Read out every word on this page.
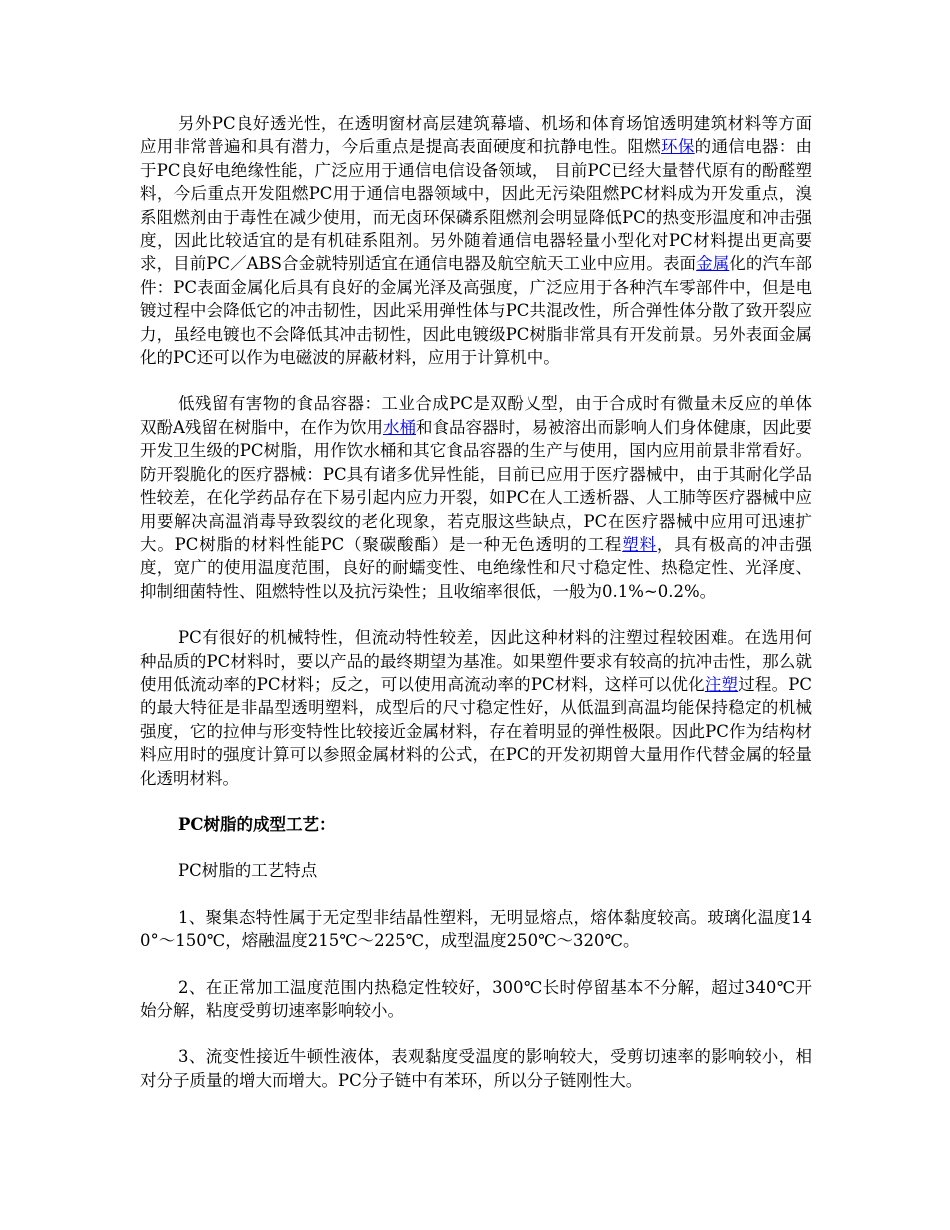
另外PC良好透光性，在透明窗材高层建筑幕墙、机场和体育场馆透明建筑材料等方面应用非常普遍和具有潜力，今后重点是提高表面硬度和抗静电性。阻燃环保的通信电器：由于PC良好电绝缘性能，广泛应用于通信电信设备领域， 目前PC已经大量替代原有的酚醛塑料，今后重点开发阻燃PC用于通信电器领域中，因此无污染阻燃PC材料成为开发重点，溴系阻燃剂由于毒性在减少使用，而无卤环保磷系阻燃剂会明显降低PC的热变形温度和冲击强度，因此比较适宜的是有机硅系阻剂。另外随着通信电器轻量小型化对PC材料提出更高要求，目前PC／ABS合金就特别适宜在通信电器及航空航天工业中应用。表面金属化的汽车部件：PC表面金属化后具有良好的金属光泽及高强度，广泛应用于各种汽车零部件中，但是电镀过程中会降低它的冲击韧性，因此采用弹性体与PC共混改性，所合弹性体分散了致开裂应力，虽经电镀也不会降低其冲击韧性，因此电镀级PC树脂非常具有开发前景。另外表面金属化的PC还可以作为电磁波的屏蔽材料，应用于计算机中。

低残留有害物的食品容器：工业合成PC是双酚乂型，由于合成时有微量未反应的单体双酚A残留在树脂中，在作为饮用水桶和食品容器时，易被溶出而影响人们身体健康，因此要开发卫生级的PC树脂，用作饮水桶和其它食品容器的生产与使用，国内应用前景非常看好。防开裂脆化的医疗器械：PC具有诸多优异性能，目前已应用于医疗器械中，由于其耐化学品性较差，在化学药品存在下易引起内应力开裂，如PC在人工透析器、人工肺等医疗器械中应用要解决高温消毒导致裂纹的老化现象，若克服这些缺点，PC在医疗器械中应用可迅速扩大。PC树脂的材料性能PC（聚碳酸酯）是一种无色透明的工程塑料，具有极高的冲击强度，宽广的使用温度范围，良好的耐蠕变性、电绝缘性和尺寸稳定性、热稳定性、光泽度、抑制细菌特性、阻燃特性以及抗污染性；且收缩率很低，一般为0.1%~0.2%。

PC有很好的机械特性，但流动特性较差，因此这种材料的注塑过程较困难。在选用何种品质的PC材料时，要以产品的最终期望为基准。如果塑件要求有较高的抗冲击性，那么就使用低流动率的PC材料；反之，可以使用高流动率的PC材料，这样可以优化注塑过程。PC的最大特征是非晶型透明塑料，成型后的尺寸稳定性好，从低温到高温均能保持稳定的机械强度，它的拉伸与形变特性比较接近金属材料，存在着明显的弹性极限。因此PC作为结构材料应用时的强度计算可以参照金属材料的公式，在PC的开发初期曾大量用作代替金属的轻量化透明材料。

PC树脂的成型工艺：

PC树脂的工艺特点

1、聚集态特性属于无定型非结晶性塑料，无明显熔点，熔体黏度较高。玻璃化温度140°～150℃，熔融温度215℃～225℃，成型温度250℃～320℃。

2、在正常加工温度范围内热稳定性较好，300℃长时停留基本不分解，超过340℃开始分解，粘度受剪切速率影响较小。

3、流变性接近牛顿性液体，表观黏度受温度的影响较大，受剪切速率的影响较小，相对分子质量的增大而增大。PC分子链中有苯环，所以分子链刚性大。
